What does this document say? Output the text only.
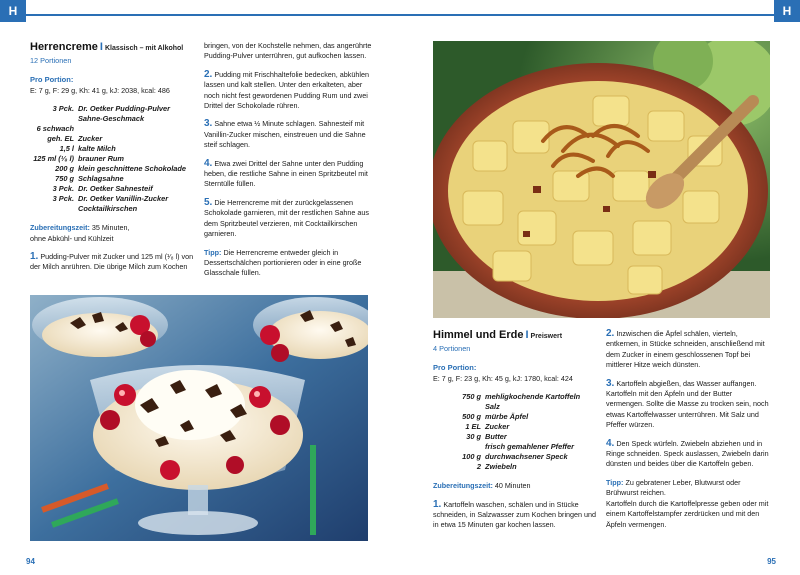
H
Herrencreme I Klassisch – mit Alkohol
12 Portionen
Pro Portion:
E: 7 g, F: 29 g, Kh: 41 g, kJ: 2038, kcal: 486
3 Pck. Dr. Oetker Pudding-Pulver
Sahne-Geschmack
6 schwach
geh. EL Zucker
1,5 l kalte Milch
125 ml (¹⁄₈ l) brauner Rum
200 g klein geschnittene Schokolade
750 g Schlagsahne
3 Pck. Dr. Oetker Sahnesteif
3 Pck. Dr. Oetker Vanillin-Zucker
Cocktailkirschen
Zubereitungszeit: 35 Minuten,
ohne Abkühl- und Kühlzeit
1. Pudding-Pulver mit Zucker und 125 ml (¹⁄₈ l) von der Milch anrühren. Die übrige Milch zum Kochen
bringen, von der Kochstelle nehmen, das angerührte Pudding-Pulver unterrühren, gut aufkochen lassen.
2. Pudding mit Frischhaltefolie bedecken, abkühlen lassen und kalt stellen. Unter den erkalteten, aber noch nicht fest gewordenen Pudding Rum und zwei Drittel der Schokolade rühren.
3. Sahne etwa ½ Minute schlagen. Sahnesteif mit Vanillin-Zucker mischen, einstreuen und die Sahne steif schlagen.
4. Etwa zwei Drittel der Sahne unter den Pudding heben, die restliche Sahne in einen Spritzbeutel mit Sterntülle füllen.
5. Die Herrencreme mit der zurückgelassenen Schokolade garnieren, mit der restlichen Sahne aus dem Spritzbeutel verzieren, mit Cocktailkirschen garnieren.
Tipp: Die Herrencreme entweder gleich in Dessertschälchen portionieren oder in eine große Glasschale füllen.
94
H
Himmel und Erde I Preiswert
4 Portionen
Pro Portion:
E: 7 g, F: 23 g, Kh: 45 g, kJ: 1780, kcal: 424
750 g mehligkochende Kartoffeln
Salz
500 g mürbe Äpfel
1 EL Zucker
30 g Butter
frisch gemahlener Pfeffer
100 g durchwachsener Speck
2 Zwiebeln
Zubereitungszeit: 40 Minuten
1. Kartoffeln waschen, schälen und in Stücke schneiden, in Salzwasser zum Kochen bringen und in etwa 15 Minuten gar kochen lassen.
2. Inzwischen die Äpfel schälen, vierteln, entkernen, in Stücke schneiden, anschließend mit dem Zucker in einem geschlossenen Topf bei mittlerer Hitze weich dünsten.
3. Kartoffeln abgießen, das Wasser auffangen. Kartoffeln mit den Äpfeln und der Butter vermengen. Sollte die Masse zu trocken sein, noch etwas Kartoffelwasser unterrühren. Mit Salz und Pfeffer würzen.
4. Den Speck würfeln. Zwiebeln abziehen und in Ringe schneiden. Speck auslassen, Zwiebeln darin dünsten und beides über die Kartoffeln geben.
Tipp: Zu gebratener Leber, Blutwurst oder Brühwurst reichen.
Kartoffeln durch die Kartoffelpresse geben oder mit einem Kartoffelstampfer zerdrücken und mit den Äpfeln vermengen.
95
